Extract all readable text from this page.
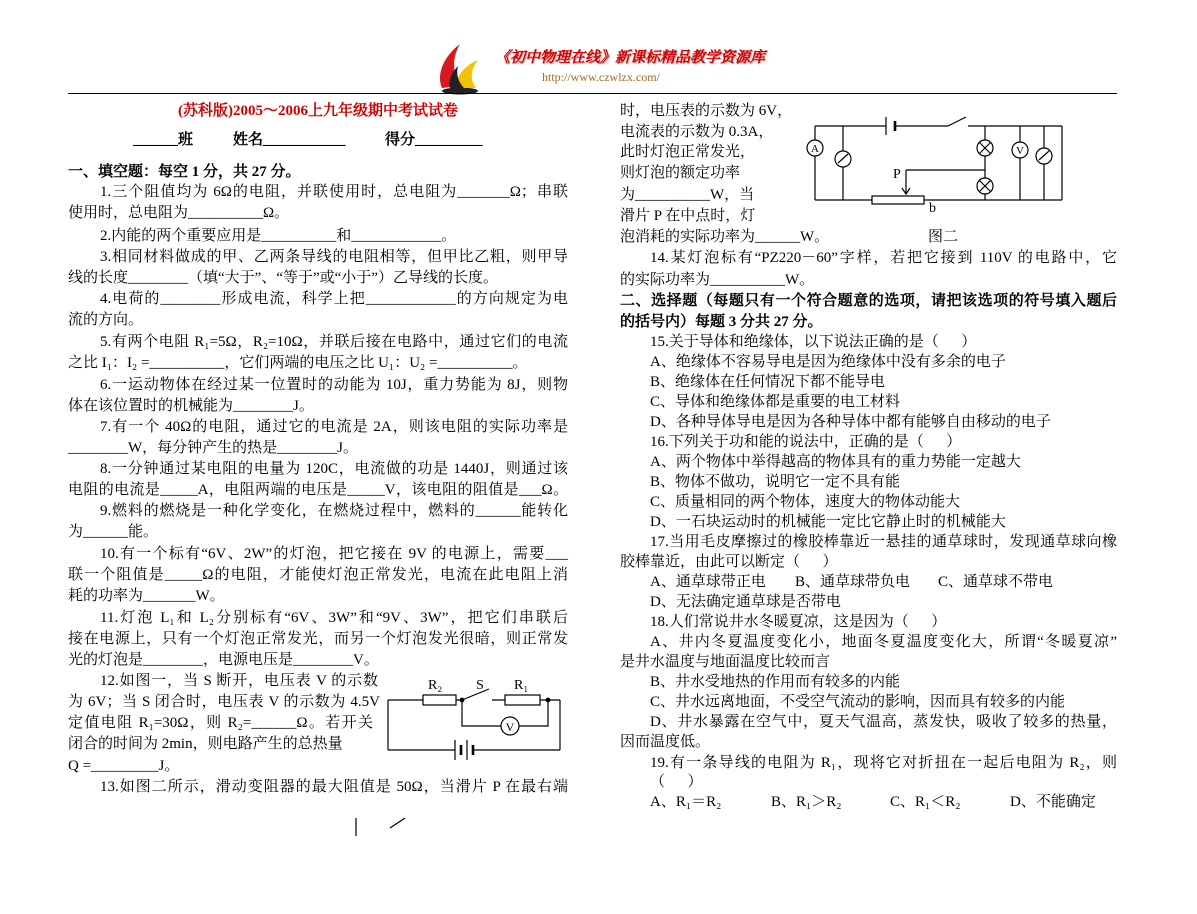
《初中物理在线》新课标精品教学资源库
http://www.czwlzx.com/
(苏科版)2005～2006上九年级期中考试试卷
______班	姓名___________	得分_________
一、填空题：每空 1 分，共 27 分。
1.三个阻值均为 6Ω的电阻，并联使用时，总电阻为_______Ω；串联
使用时，总电阻为__________Ω。
2.内能的两个重要应用是__________和____________。
3.相同材料做成的甲、乙两条导线的电阻相等，但甲比乙粗，则甲导
线的长度________（填“大于”、“等于”或“小于”）乙导线的长度。
4.电荷的________形成电流，科学上把____________的方向规定为电
流的方向。
5.有两个电阻 R₁=5Ω，R₂=10Ω，并联后接在电路中，通过它们的电流
之比 I₁：I₂ =__________，它们两端的电压之比 U₁：U₂ =__________。
6.一运动物体在经过某一位置时的动能为 10J，重力势能为 8J，则物
体在该位置时的机械能为________J。
7.有一个 40Ω的电阻，通过它的电流是 2A，则该电阻的实际功率是
________W，每分钟产生的热是________J。
8.一分钟通过某电阻的电量为 120C，电流做的功是 1440J，则通过该
电阻的电流是_____A，电阻两端的电压是_____V，该电阻的阻值是___Ω。
9.燃料的燃烧是一种化学变化，在燃烧过程中，燃料的______能转化
为______能。
10.有一个标有“6V、2W”的灯泡，把它接在 9V 的电源上，需要___
联一个阻值是_____Ω的电阻，才能使灯泡正常发光，电流在此电阻上消
耗的功率为_______W。
11.灯泡 L₁和 L₂分别标有“6V、3W”和“9V、3W”，把它们串联后
接在电源上，只有一个灯泡正常发光，而另一个灯泡发光很暗，则正常发
光的灯泡是________，电源电压是________V。
12.如图一，当 S 断开，电压表 V 的示数
为 6V；当 S 闭合时，电压表 V 的示数为 4.5V
定值电阻 R₁=30Ω，则 R₂=______Ω。若开关
闭合的时间为 2min，则电路产生的总热量
Q =_________J。
13.如图二所示，滑动变阻器的最大阻值是 50Ω，当滑片 P 在最右端
时，电压表的示数为 6V，
电流表的示数为 0.3A，
此时灯泡正常发光，
则灯泡的额定功率
为__________W，当
滑片 P 在中点时，灯
泡消耗的实际功率为______W。	图二
14.某灯泡标有“PZ220－60”字样，若把它接到 110V 的电路中，它
的实际功率为__________W。
二、选择题（每题只有一个符合题意的选项，请把该选项的符号填入题后
的括号内）每题 3 分共 27 分。
15.关于导体和绝缘体，以下说法正确的是（      ）
A、绝缘体不容易导电是因为绝缘体中没有多余的电子
B、绝缘体在任何情况下都不能导电
C、导体和绝缘体都是重要的电工材料
D、各种导体导电是因为各种导体中都有能够自由移动的电子
16.下列关于功和能的说法中，正确的是（      ）
A、两个物体中举得越高的物体具有的重力势能一定越大
B、物体不做功，说明它一定不具有能
C、质量相同的两个物体，速度大的物体动能大
D、一石块运动时的机械能一定比它静止时的机械能大
17.当用毛皮摩擦过的橡胶棒靠近一悬挂的通草球时，发现通草球向橡
胶棒靠近，由此可以断定（      ）
A、通草球带正电 B、通草球带负电 C、通草球不带电
D、无法确定通草球是否带电
18.人们常说井水冬暖夏凉，这是因为（      ）
A、井内冬夏温度变化小，地面冬夏温度变化大，所谓“冬暖夏凉”
是井水温度与地面温度比较而言
B、井水受地热的作用而有较多的内能
C、井水远离地面，不受空气流动的影响，因而具有较多的内能
D、井水暴露在空气中，夏天气温高，蒸发快，吸收了较多的热量，
因而温度低。
19.有一条导线的电阻为 R₁，现将它对折扭在一起后电阻为 R₂，则
（      ）
A、R₁＝R₂	B、R₁＞R₂	C、R₁＜R₂	D、不能确定
R₂ S R₁
V
A	V
P
b
